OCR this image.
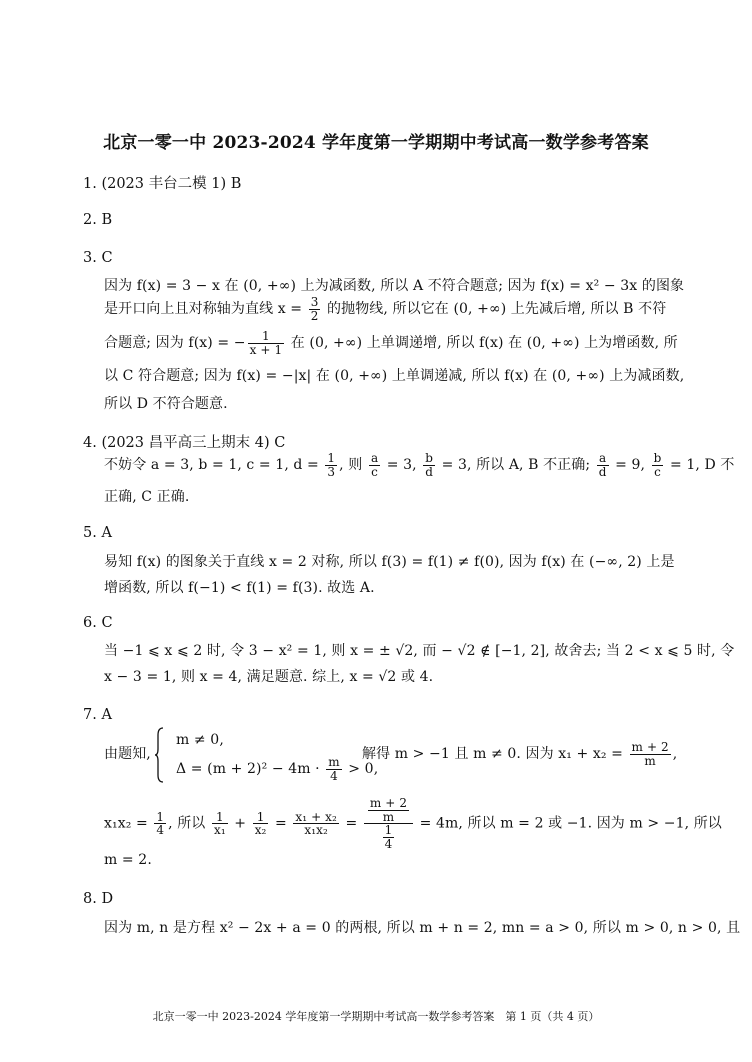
北京一零一中 2023-2024 学年度第一学期期中考试高一数学参考答案
1. (2023 丰台二模 1) B
2. B
3. C
因为 f(x) = 3 − x 在 (0, +∞) 上为减函数, 所以 A 不符合题意; 因为 f(x) = x² − 3x 的图象
是开口向上且对称轴为直线 $x = \frac{3}{2}$ 的抛物线, 所以它在 (0, +∞) 上先减后增, 所以 B 不符
合题意; 因为 f(x) = − $\frac{1}{x + 1}$ 在 (0, +∞) 上单调递增, 所以 f(x) 在 (0, +∞) 上为增函数, 所
以 C 符合题意; 因为 f(x) = −|x| 在 (0, +∞) 上单调递减, 所以 f(x) 在 (0, +∞) 上为减函数,
所以 D 不符合题意.
4. (2023 昌平高三上期末 4) C
不妨令 a = 3, b = 1, c = 1, $d = \frac{1}{3}$ , 则 $\frac{a}{c} = 3$, $\frac{b}{d} = 3$, 所以 A, B 不正确; $\frac{a}{d} = 9$, $\frac{b}{c} = 1$, D 不
正确, C 正确.
5. A
易知 f(x) 的图象关于直线 x = 2 对称, 所以 f(3) = f(1) ≠ f(0), 因为 f(x) 在 (−∞, 2) 上是
增函数, 所以 f(−1) < f(1) = f(3). 故选 A.
6. C
当 −1 ⩽ x ⩽ 2 时, 令 3 − x² = 1, 则 x = ± √2, 而 − √2 ∉ [−1, 2], 故舍去; 当 2 < x ⩽ 5 时, 令
x − 3 = 1, 则 x = 4, 满足题意. 综上, x = √2 或 4.
7. A
由题知,
m ≠ 0,
$\Delta = (m + 2)^2 - 4m \cdot \frac{m}{4} > 0$,
解得 m > −1 且 m ≠ 0. 因为 $x_1 + x_2 = \frac{m + 2}{m}$ ,
$x_1x_2 = \frac{1}{4}$ , 所以 $\frac{1}{\text{x₁}} + \frac{1}{\text{x₂}} = \frac{\text{x₁ + x₂}}{\text{x₁x₂}} = \frac{\frac{m + 2}{m}}{\frac{1}{4}} = 4m$, 所以 m = 2 或 −1. 因为 m > −1, 所以
m = 2.
8. D
因为 m, n 是方程 x² − 2x + a = 0 的两根, 所以 m + n = 2, mn = a > 0, 所以 m > 0, n > 0, 且
北京一零一中 2023-2024 学年度第一学期期中考试高一数学参考答案　第 1 页（共 4 页）
